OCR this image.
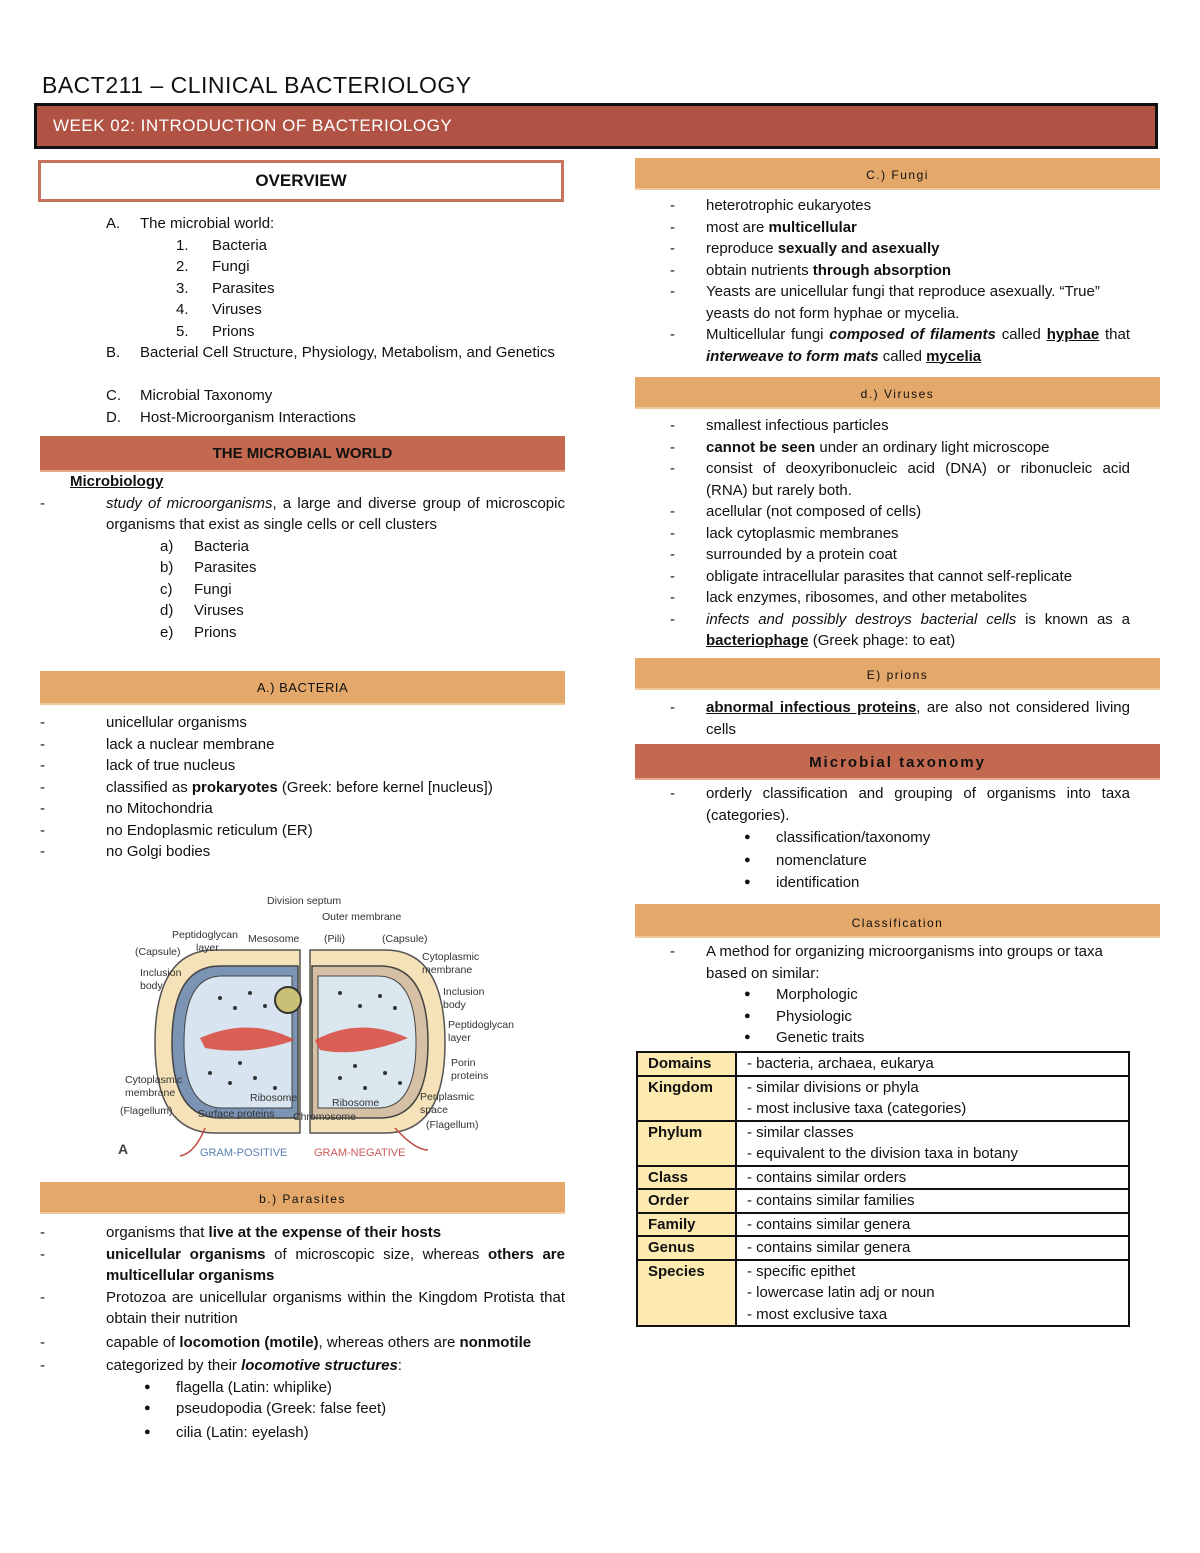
BACT211 – CLINICAL BACTERIOLOGY
WEEK 02: INTRODUCTION OF BACTERIOLOGY
OVERVIEW
A. The microbial world:
1. Bacteria
2. Fungi
3. Parasites
4. Viruses
5. Prions
B. Bacterial Cell Structure, Physiology, Metabolism, and Genetics
C. Microbial Taxonomy
D. Host-Microorganism Interactions
THE MICROBIAL WORLD
Microbiology
- study of microorganisms, a large and diverse group of microscopic organisms that exist as single cells or cell clusters
a) Bacteria
b) Parasites
c) Fungi
d) Viruses
e) Prions
A.) BACTERIA
- unicellular organisms
- lack a nuclear membrane
- lack of true nucleus
- classified as prokaryotes (Greek: before kernel [nucleus])
- no Mitochondria
- no Endoplasmic reticulum (ER)
- no Golgi bodies
Division septum
Outer membrane
Peptidoglycan
layer
Mesosome (Pili)
(Capsule)
(Capsule)
Cytoplasmic
membrane
Inclusion
body	Inclusion
body
Peptidoglycan
layer
Porin
proteins
Cytoplasmic
membrane
(Flagellum) Surface proteins
Ribosome	Ribosome
Chromosome
Periplasmic
space
(Flagellum)
A	GRAM-POSITIVE GRAM-NEGATIVE
b.) Parasites
- organisms that live at the expense of their hosts
- unicellular organisms of microscopic size, whereas others are multicellular organisms
- Protozoa are unicellular organisms within the Kingdom Protista that obtain their nutrition
- capable of locomotion (motile), whereas others are nonmotile
- categorized by their locomotive structures:
● flagella (Latin: whiplike)
● pseudopodia (Greek: false feet)
● cilia (Latin: eyelash)
C.) Fungi
- heterotrophic eukaryotes
- most are multicellular
- reproduce sexually and asexually
- obtain nutrients through absorption
- Yeasts are unicellular fungi that reproduce asexually. “True” yeasts do not form hyphae or mycelia.
- Multicellular fungi composed of filaments called hyphae that interweave to form mats called mycelia
d.) Viruses
- smallest infectious particles
- cannot be seen under an ordinary light microscope
- consist of deoxyribonucleic acid (DNA) or ribonucleic acid (RNA) but rarely both.
- acellular (not composed of cells)
- lack cytoplasmic membranes
- surrounded by a protein coat
- obligate intracellular parasites that cannot self-replicate
- lack enzymes, ribosomes, and other metabolites
- infects and possibly destroys bacterial cells is known as a bacteriophage (Greek phage: to eat)
E) prions
- abnormal infectious proteins, are also not considered living cells
Microbial taxonomy
- orderly classification and grouping of organisms into taxa (categories).
● classification/taxonomy
● nomenclature
● identification
Classification
- A method for organizing microorganisms into groups or taxa based on similar:
● Morphologic
● Physiologic
● Genetic traits
Domains	- bacteria, archaea, eukarya

Kingdom	- similar divisions or phyla
- most inclusive taxa (categories)

Phylum	- similar classes
- equivalent to the division taxa in botany

Class	- contains similar orders

Order	- contains similar families

Family	- contains similar genera

Genus	- contains similar genera

Species	- specific epithet
- lowercase latin adj or noun
- most exclusive taxa
